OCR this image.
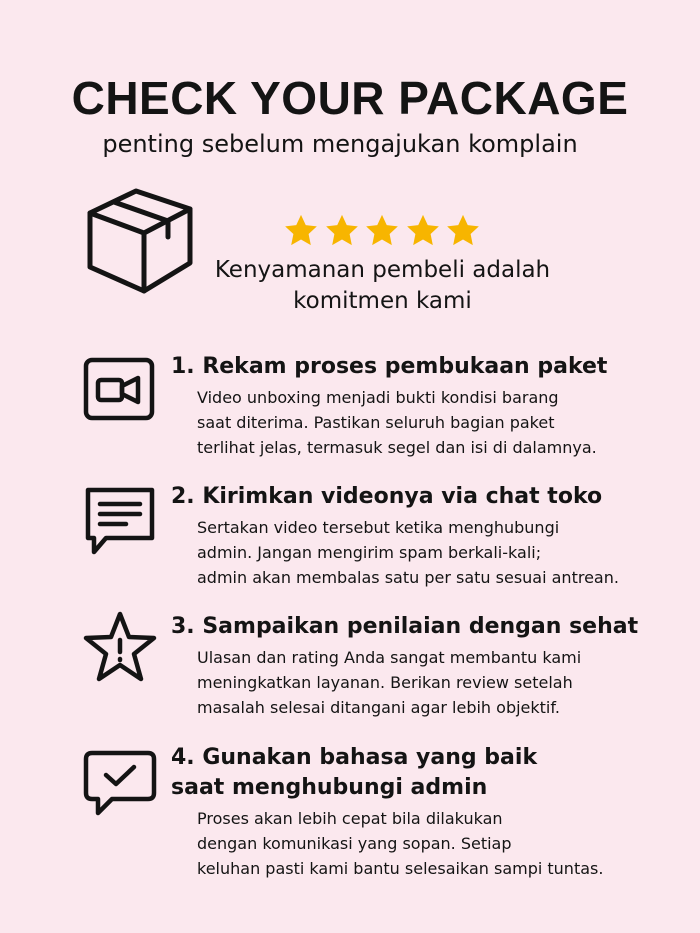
CHECK YOUR PACKAGE

penting sebelum mengajukan komplain

Kenyamanan pembeli adalah
komitmen kami
1. Rekam proses pembukaan paket
Video unboxing menjadi bukti kondisi barang
saat diterima. Pastikan seluruh bagian paket
terlihat jelas, termasuk segel dan isi di dalamnya.
2. Kirimkan videonya via chat toko
Sertakan video tersebut ketika menghubungi
admin. Jangan mengirim spam berkali-kali;
admin akan membalas satu per satu sesuai antrean.
3. Sampaikan penilaian dengan sehat
Ulasan dan rating Anda sangat membantu kami
meningkatkan layanan. Berikan review setelah
masalah selesai ditangani agar lebih objektif.
4. Gunakan bahasa yang baik
saat menghubungi admin
Proses akan lebih cepat bila dilakukan
dengan komunikasi yang sopan. Setiap
keluhan pasti kami bantu selesaikan sampi tuntas.
